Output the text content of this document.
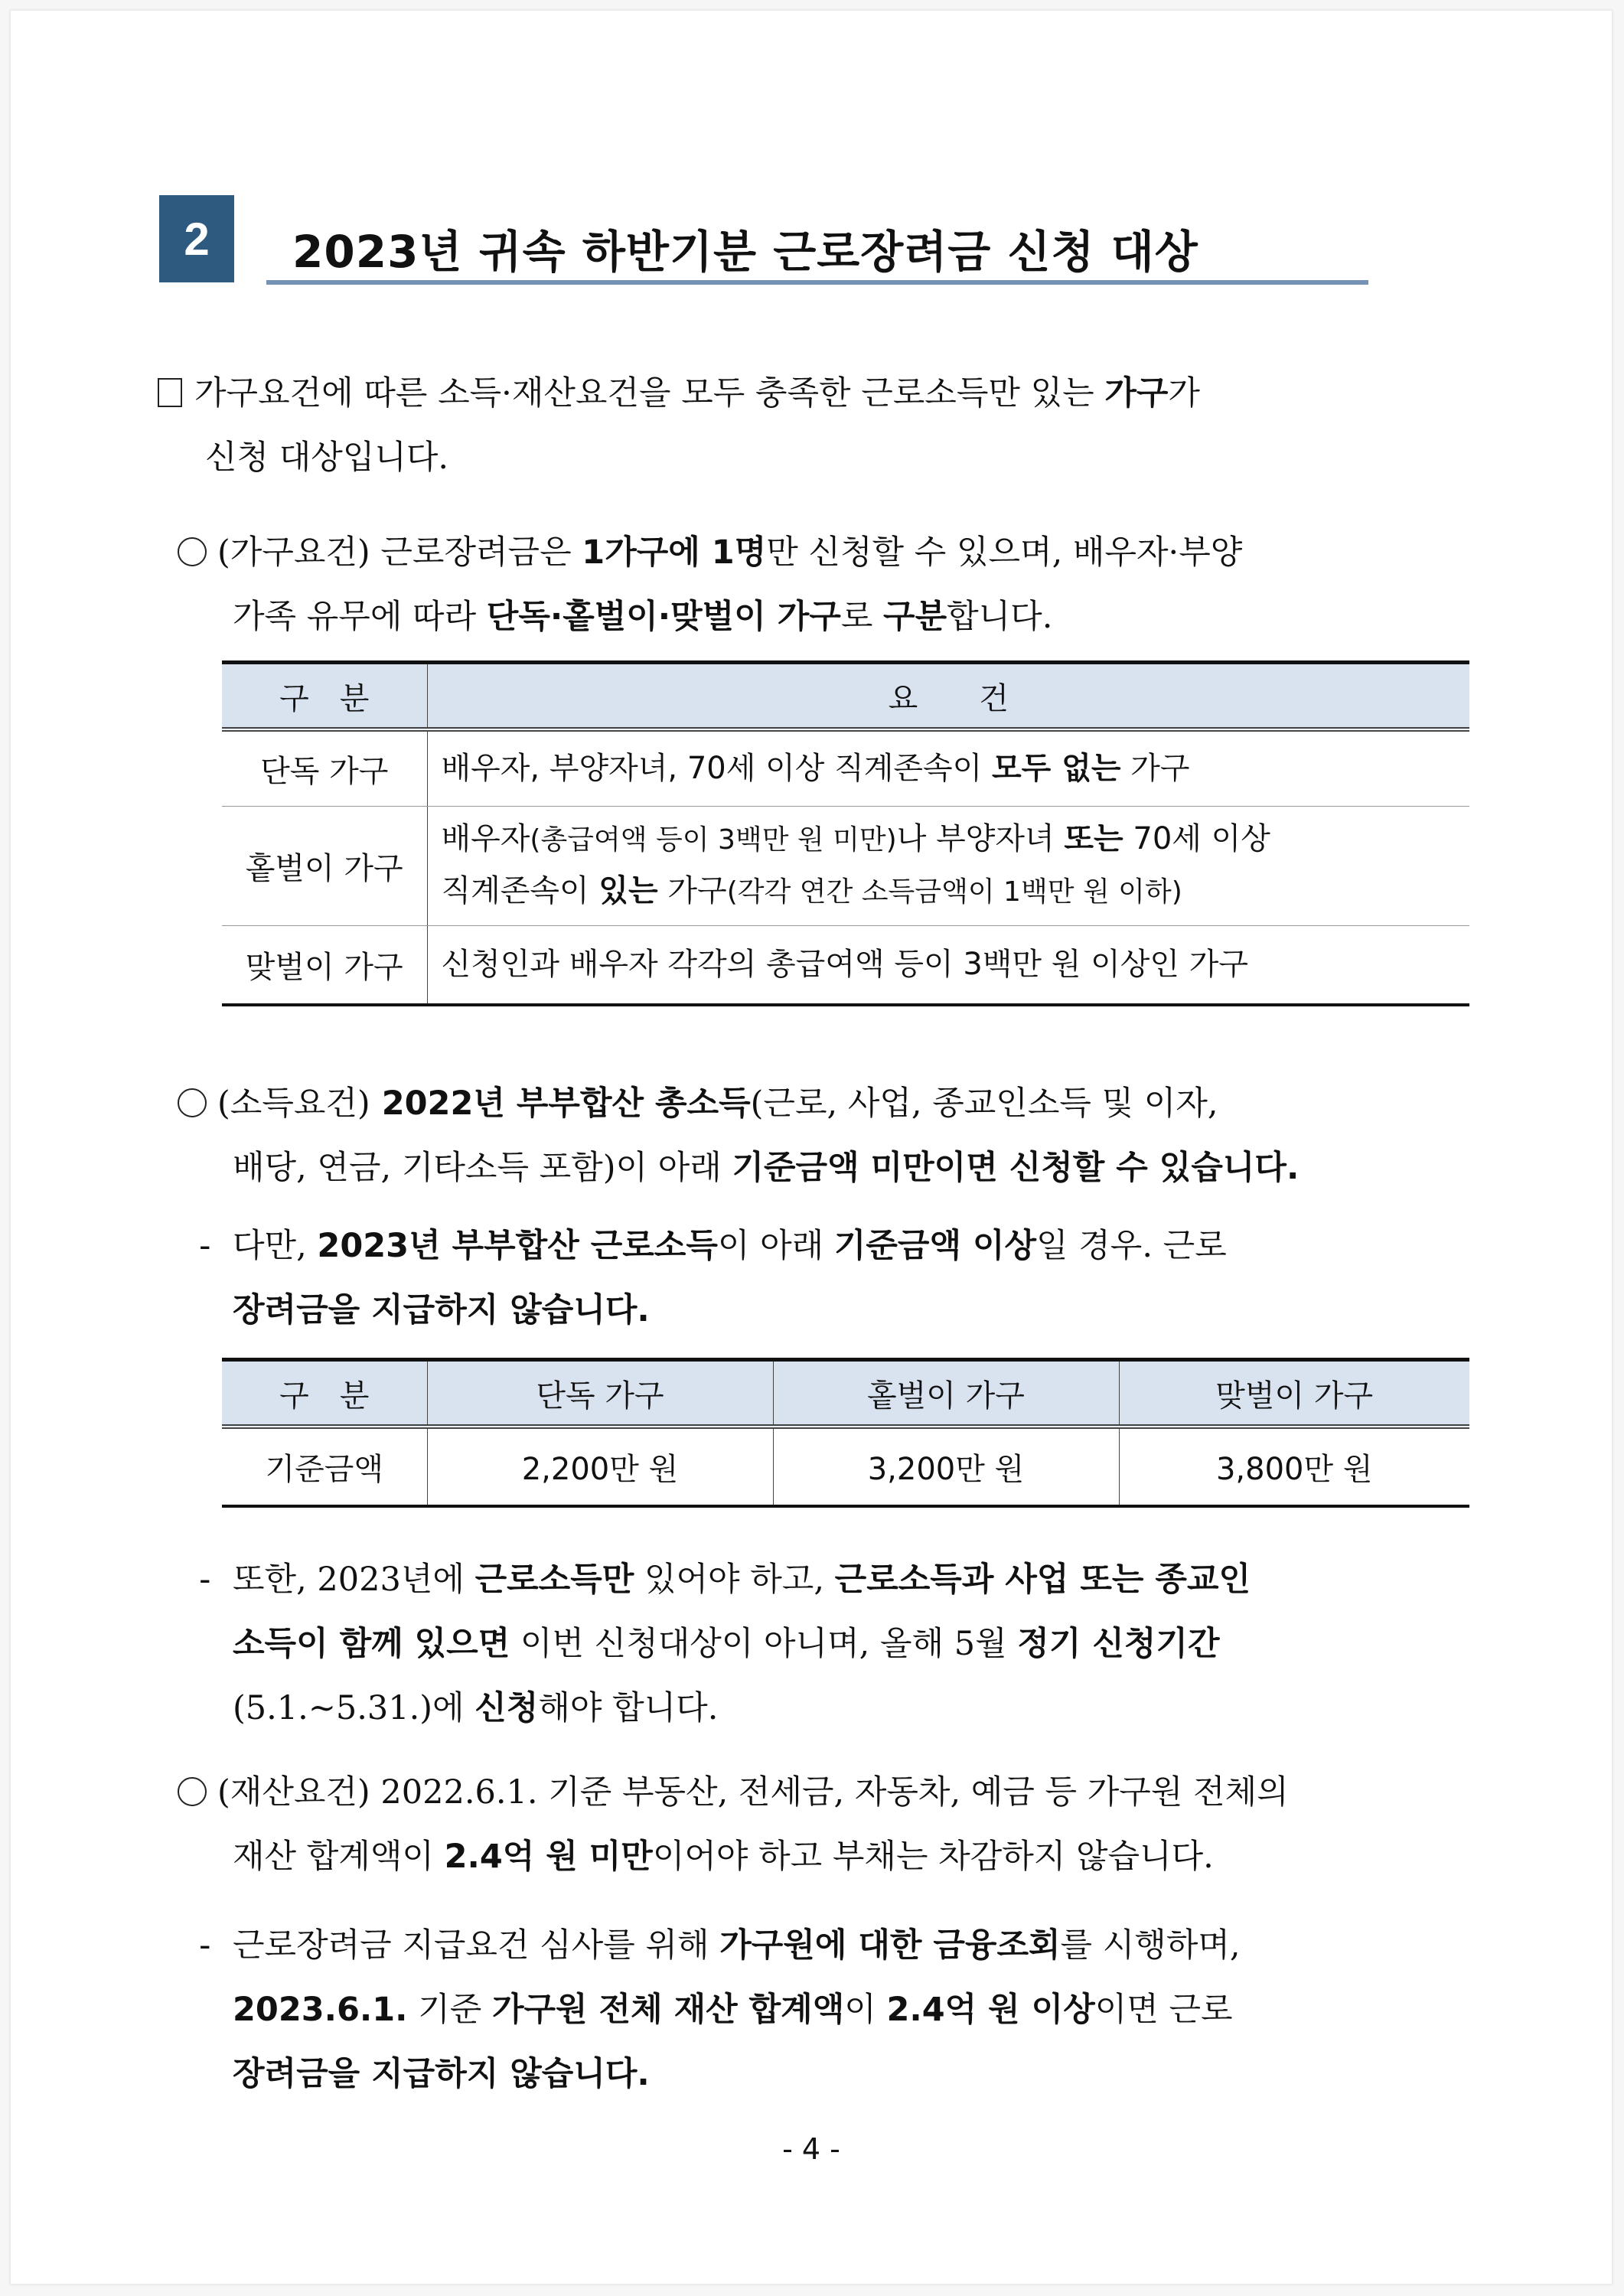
2	2023년 귀속 하반기분 근로장려금 신청 대상
가구요건에 따른 소득·재산요건을 모두 충족한 근로소득만 있는 가구가
신청 대상입니다.
(가구요건) 근로장려금은 1가구에 1명만 신청할 수 있으며, 배우자·부양
가족 유무에 따라 단독·홑벌이·맞벌이 가구로 구분합니다.
구　분	요　　건
단독 가구	배우자, 부양자녀, 70세 이상 직계존속이 모두 없는 가구
홑벌이 가구	배우자(총급여액 등이 3백만 원 미만)나 부양자녀 또는 70세 이상
직계존속이 있는 가구(각각 연간 소득금액이 1백만 원 이하)

맞벌이 가구	신청인과 배우자 각각의 총급여액 등이 3백만 원 이상인 가구
(소득요건) 2022년 부부합산 총소득(근로, 사업, 종교인소득 및 이자,
배당, 연금, 기타소득 포함)이 아래 기준금액 미만이면 신청할 수 있습니다.
- 다만, 2023년 부부합산 근로소득이 아래 기준금액 이상일 경우. 근로
장려금을 지급하지 않습니다.
구　분	단독 가구	홑벌이 가구	맞벌이 가구
기준금액	2,200만 원	3,200만 원	3,800만 원
- 또한, 2023년에 근로소득만 있어야 하고, 근로소득과 사업 또는 종교인
소득이 함께 있으면 이번 신청대상이 아니며, 올해 5월 정기 신청기간
(5.1.~5.31.)에 신청해야 합니다.
(재산요건) 2022.6.1. 기준 부동산, 전세금, 자동차, 예금 등 가구원 전체의
재산 합계액이 2.4억 원 미만이어야 하고 부채는 차감하지 않습니다.
- 근로장려금 지급요건 심사를 위해 가구원에 대한 금융조회를 시행하며,
2023.6.1. 기준 가구원 전체 재산 합계액이 2.4억 원 이상이면 근로
장려금을 지급하지 않습니다.
- 4 -
